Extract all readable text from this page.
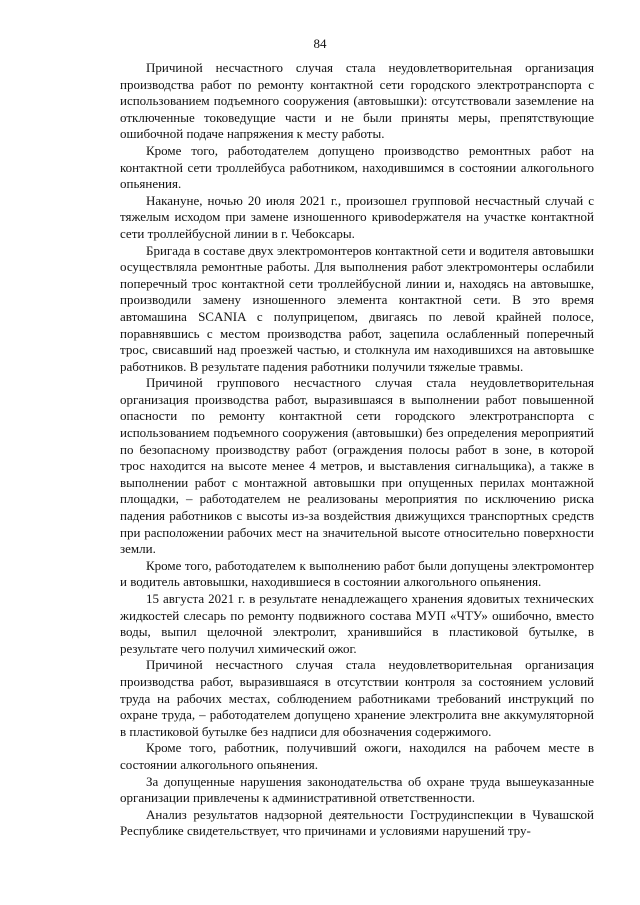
84

Причиной несчастного случая стала неудовлетворительная организация производства работ по ремонту контактной сети городского электротранспорта с использованием подъемного сооружения (автовышки): отсутствовали заземление на отключенные токоведущие части и не были приняты меры, препятствующие ошибочной подаче напряжения к месту работы.

Кроме того, работодателем допущено производство ремонтных работ на контактной сети троллейбуса работником, находившимся в состоянии алкогольного опьянения.

Накануне, ночью 20 июля 2021 г., произошел групповой несчастный случай с тяжелым исходом при замене изношенного кривodержателя на участке контактной сети троллейбусной линии в г. Чебоксары.

Бригада в составе двух электромонтеров контактной сети и водителя автовышки осуществляла ремонтные работы. Для выполнения работ электромонтеры ослабили поперечный трос контактной сети троллейбусной линии и, находясь на автовышке, производили замену изношенного элемента контактной сети. В это время автомашина SCANIA с полуприцепом, двигаясь по левой крайней полосе, поравнявшись с местом производства работ, зацепила ослабленный поперечный трос, свисавший над проезжей частью, и столкнула им находившихся на автовышке работников. В результате падения работники получили тяжелые травмы.

Причиной группового несчастного случая стала неудовлетворительная организация производства работ, выразившаяся в выполнении работ повышенной опасности по ремонту контактной сети городского электротранспорта с использованием подъемного сооружения (автовышки) без определения мероприятий по безопасному производству работ (ограждения полосы работ в зоне, в которой трос находится на высоте менее 4 метров, и выставления сигнальщика), а также в выполнении работ с монтажной автовышки при опущенных перилах монтажной площадки, – работодателем не реализованы мероприятия по исключению риска падения работников с высоты из-за воздействия движущихся транспортных средств при расположении рабочих мест на значительной высоте относительно поверхности земли.

Кроме того, работодателем к выполнению работ были допущены электромонтер и водитель автовышки, находившиеся в состоянии алкогольного опьянения.

15 августа 2021 г. в результате ненадлежащего хранения ядовитых технических жидкостей слесарь по ремонту подвижного состава МУП «ЧТУ» ошибочно, вместо воды, выпил щелочной электролит, хранившийся в пластиковой бутылке, в результате чего получил химический ожог.

Причиной несчастного случая стала неудовлетворительная организация производства работ, выразившаяся в отсутствии контроля за состоянием условий труда на рабочих местах, соблюдением работниками требований инструкций по охране труда, – работодателем допущено хранение электролита вне аккумуляторной в пластиковой бутылке без надписи для обозначения содержимого.

Кроме того, работник, получивший ожоги, находился на рабочем месте в состоянии алкогольного опьянения.

За допущенные нарушения законодательства об охране труда вышеуказанные организации привлечены к административной ответственности.

Анализ результатов надзорной деятельности Гострудинспекции в Чувашской Республике свидетельствует, что причинами и условиями нарушений тру-
